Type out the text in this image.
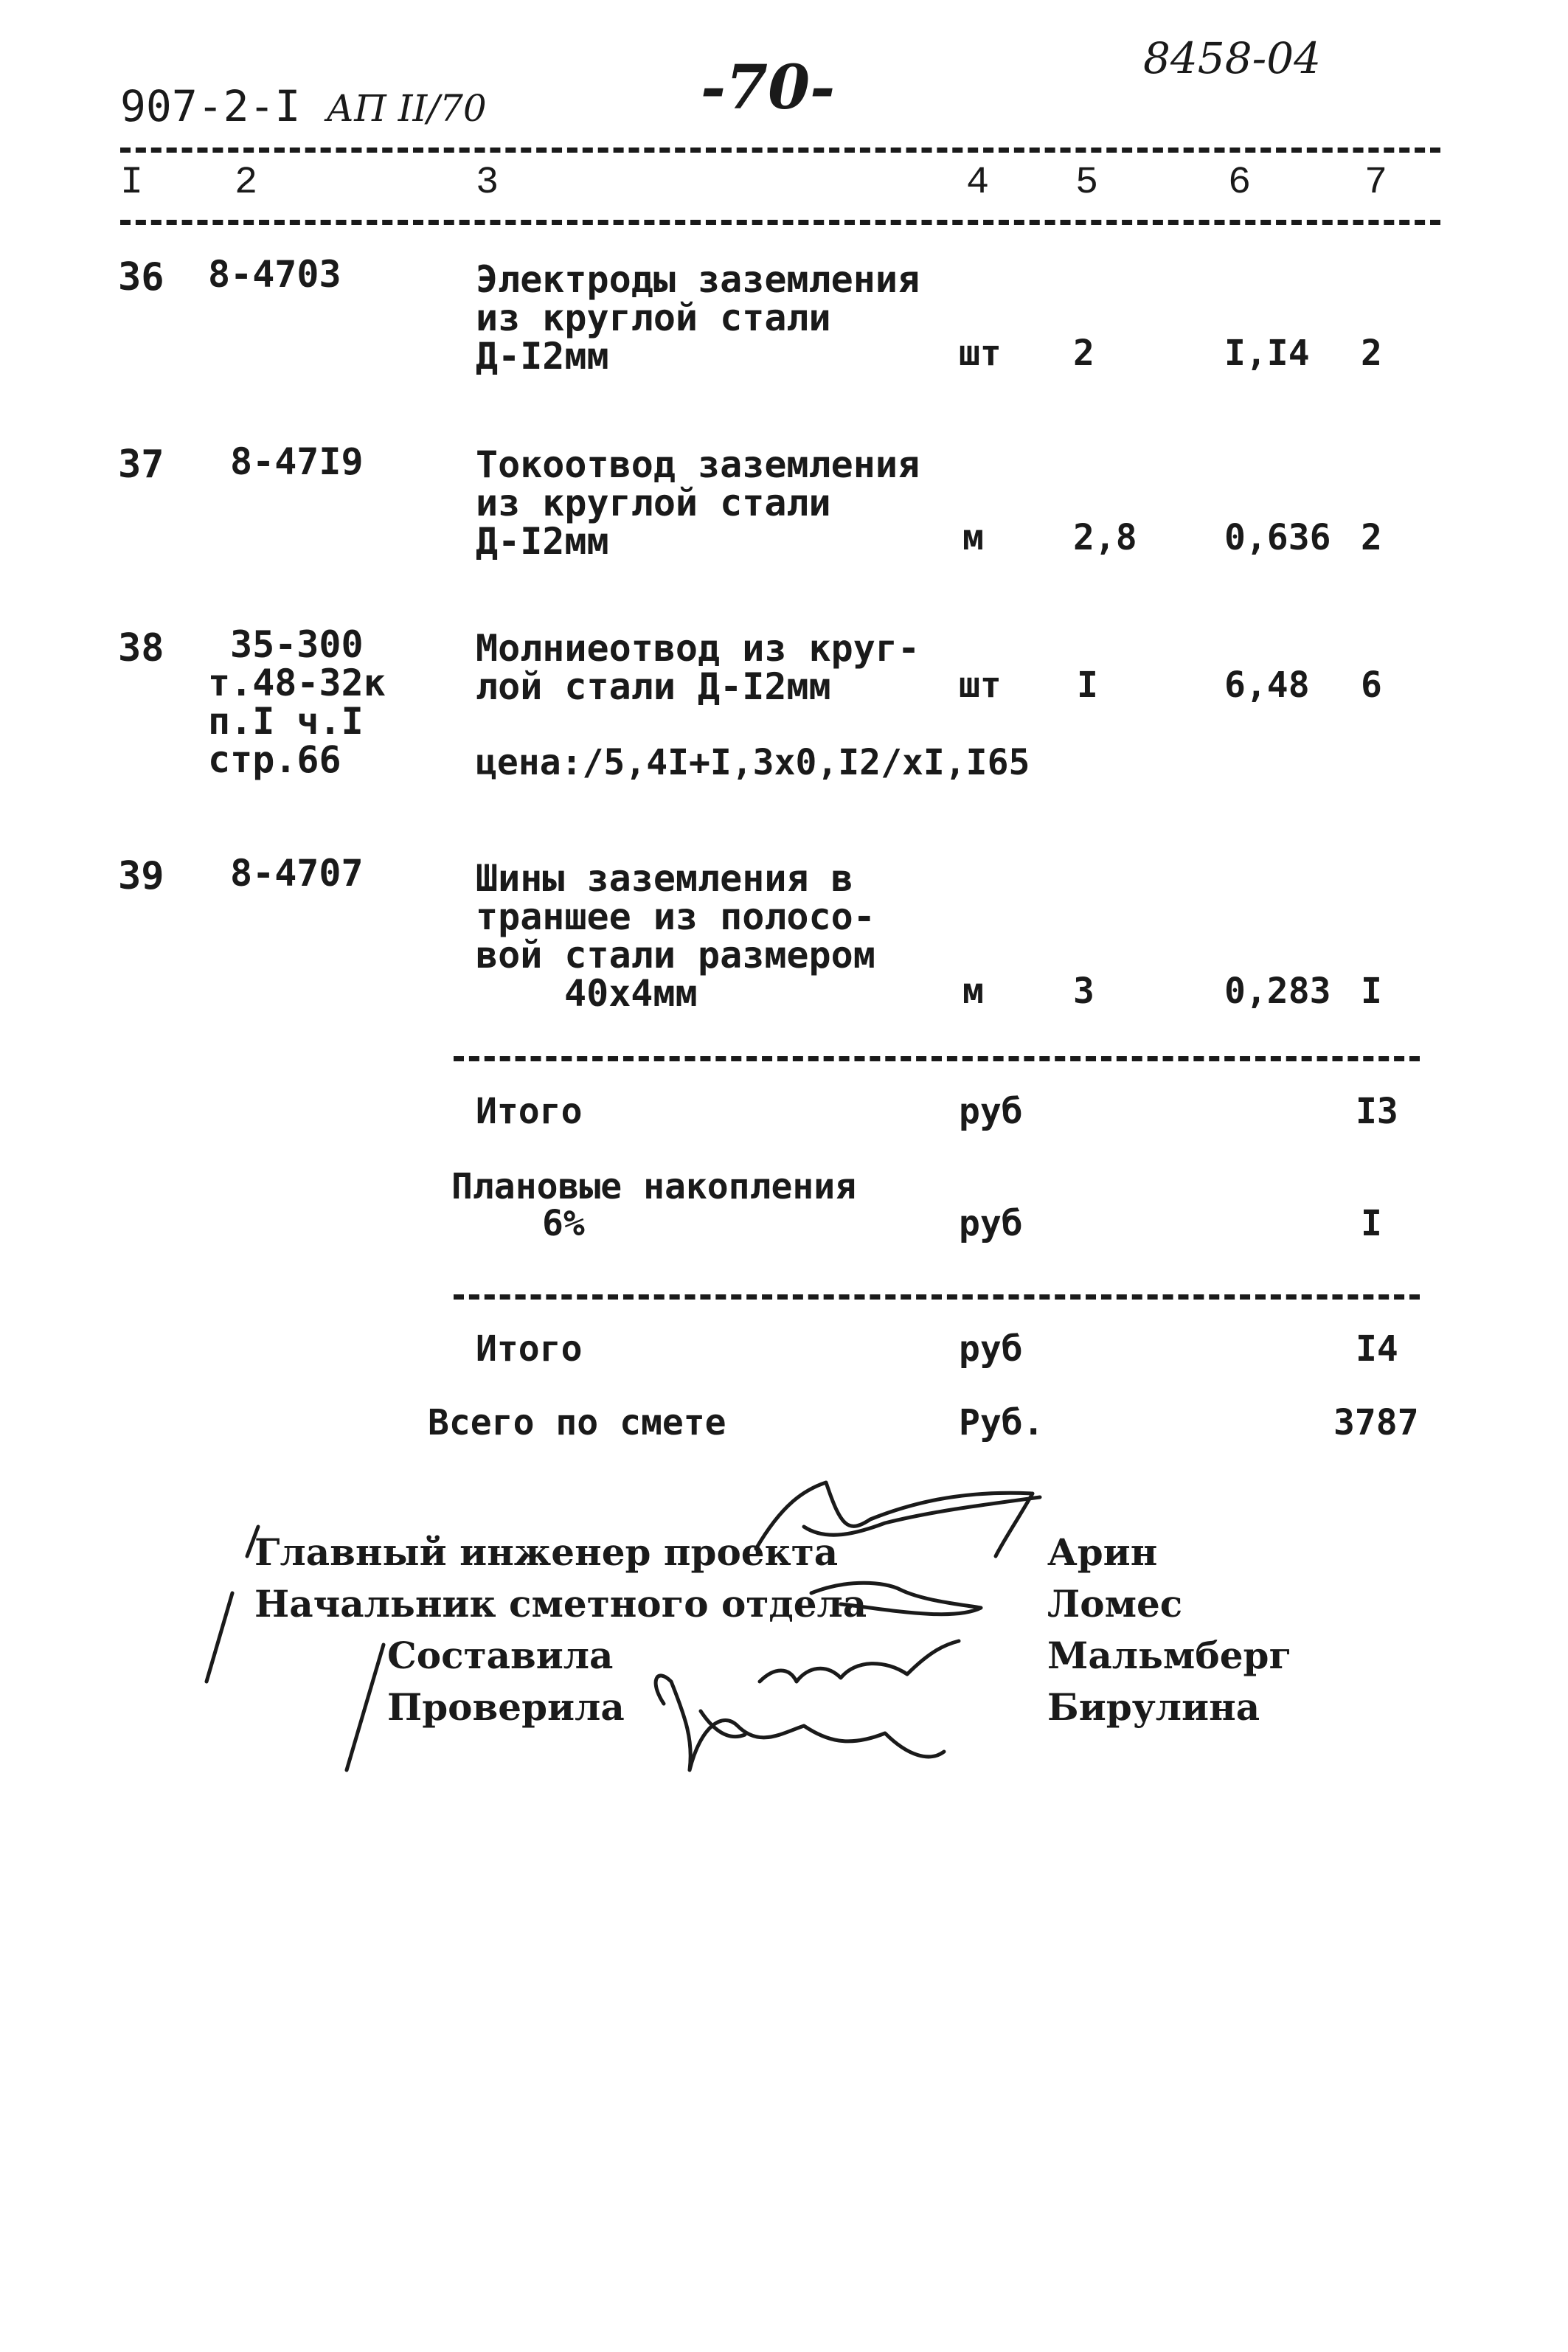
907-2-I АП II/70	-70-	8458-04
I 2	3	4 5	6	7
36 8-4703	Электроды заземления
из круглой стали
Д-I2мм	шт 2	I,I4 2
37 8-47I9	Токоотвод заземления
из круглой стали
Д-I2мм	м	2,8 0,636 2
38	35-300
т.48-32к
п.I ч.I
стр.66
Молниеотвод из круг-
лой стали Д-I2мм	шт I	6,48 6
цена:/5,4I+I,3х0,I2/хI,I65
39 8-4707	Шины заземления в
траншее из полосо-
вой стали размером
40х4мм	м	3	0,283 I
Итого	руб	I3
Плановые накопления
6%	руб	I
Итого	руб	I4
Всего по смете	Руб.	3787
Главный инженер проекта	Арин
Начальник сметного отдела	Ломес
Составила	Мальмберг
Проверила	Бирулина
